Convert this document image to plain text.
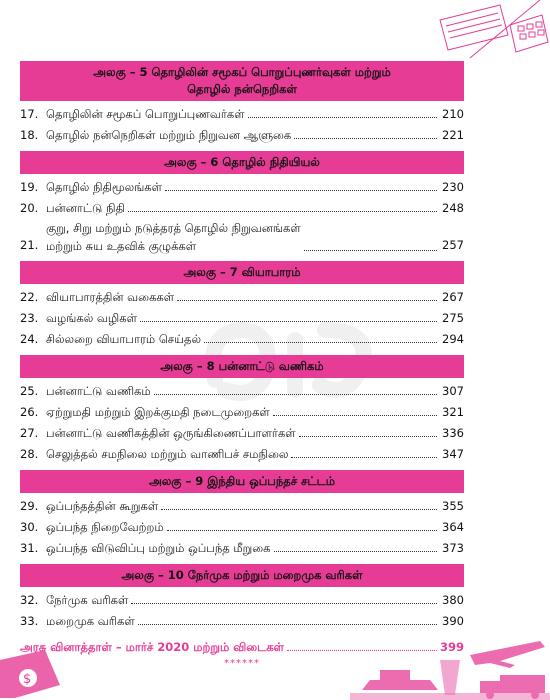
$
அலகு – 5 தொழிலின் சமூகப் பொறுப்புணர்வுகள் மற்றும்
தொழில் நன்நெறிகள்
17. தொழிலின் சமூகப் பொறுப்புணவர்கள்	210
18. தொழில் நன்நெறிகள் மற்றும் நிறுவன ஆளுகை	221
அலகு – 6 தொழில் நிதியியல்
19. தொழில் நிதிமூலங்கள்	230
20. பன்னாட்டு நிதி	248
21.
குறு, சிறு மற்றும் நடுத்தரத் தொழில் நிறுவனங்கள்
மற்றும் சுய உதவிக் குழுக்கள்	257
அலகு – 7 வியாபாரம்
22. வியாபாரத்தின் வகைகள்	267
23. வழங்கல் வழிகள்	275
24. சில்லறை வியாபாரம் செய்தல்	294
அலகு – 8 பன்னாட்டு வணிகம்
25. பன்னாட்டு வணிகம்	307
26. ஏற்றுமதி மற்றும் இறக்குமதி நடைமுறைகள்	321
27. பன்னாட்டு வணிகத்தின் ஒருங்கிணைப்பாளர்கள்	336
28. செலுத்தல் சமநிலை மற்றும் வாணிபச் சமநிலை	347
அலகு – 9 இந்திய ஒப்பந்தச் சட்டம்
29. ஒப்பந்தத்தின் கூறுகள்	355
30. ஒப்பந்த நிறைவேற்றம்	364
31. ஒப்பந்த விடுவிப்பு மற்றும் ஒப்பந்த மீறுகை	373
அலகு – 10 நேர்முக மற்றும் மறைமுக வரிகள்
32. நேர்முக வரிகள்	380
33. மறைமுக வரிகள்	390
அரசு வினாத்தாள் – மார்ச் 2020 மற்றும் விடைகள்	399
******
